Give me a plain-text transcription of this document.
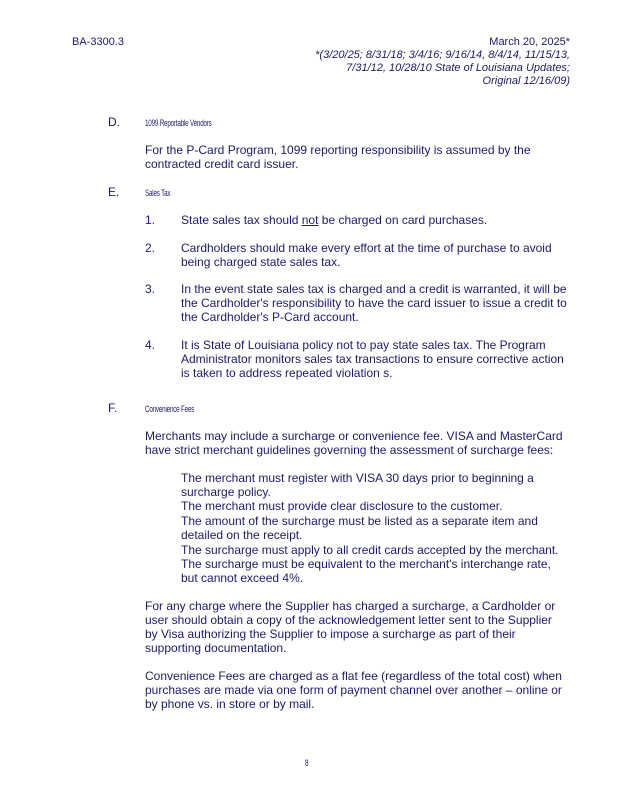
BA-3300.3	March 20, 2025*
*(3/20/25; 8/31/18; 3/4/16; 9/16/14, 8/4/14, 11/15/13,
7/31/12, 10/28/10 State of Louisiana Updates;
Original 12/16/09)
D.	1099 Reportable Vendors
For the P-Card Program, 1099 reporting responsibility is assumed by the
contracted credit card issuer.
E.	Sales Tax
1. State sales tax should not be charged on card purchases.
2. Cardholders should make every effort at the time of purchase to avoid
being charged state sales tax.
3. In the event state sales tax is charged and a credit is warranted, it will be
the Cardholder's responsibility to have the card issuer to issue a credit to
the Cardholder's P-Card account.
4. It is State of Louisiana policy not to pay state sales tax. The Program
Administrator monitors sales tax transactions to ensure corrective action
is taken to address repeated violation s.
F.	Convenience Fees
Merchants may include a surcharge or convenience fee. VISA and MasterCard
have strict merchant guidelines governing the assessment of surcharge fees:
The merchant must register with VISA 30 days prior to beginning a
surcharge policy.
The merchant must provide clear disclosure to the customer.
The amount of the surcharge must be listed as a separate item and
detailed on the receipt.
The surcharge must apply to all credit cards accepted by the merchant.
The surcharge must be equivalent to the merchant's interchange rate,
but cannot exceed 4%.
For any charge where the Supplier has charged a surcharge, a Cardholder or
user should obtain a copy of the acknowledgement letter sent to the Supplier
by Visa authorizing the Supplier to impose a surcharge as part of their
supporting documentation.
Convenience Fees are charged as a flat fee (regardless of the total cost) when
purchases are made via one form of payment channel over another – online or
by phone vs. in store or by mail.
8
